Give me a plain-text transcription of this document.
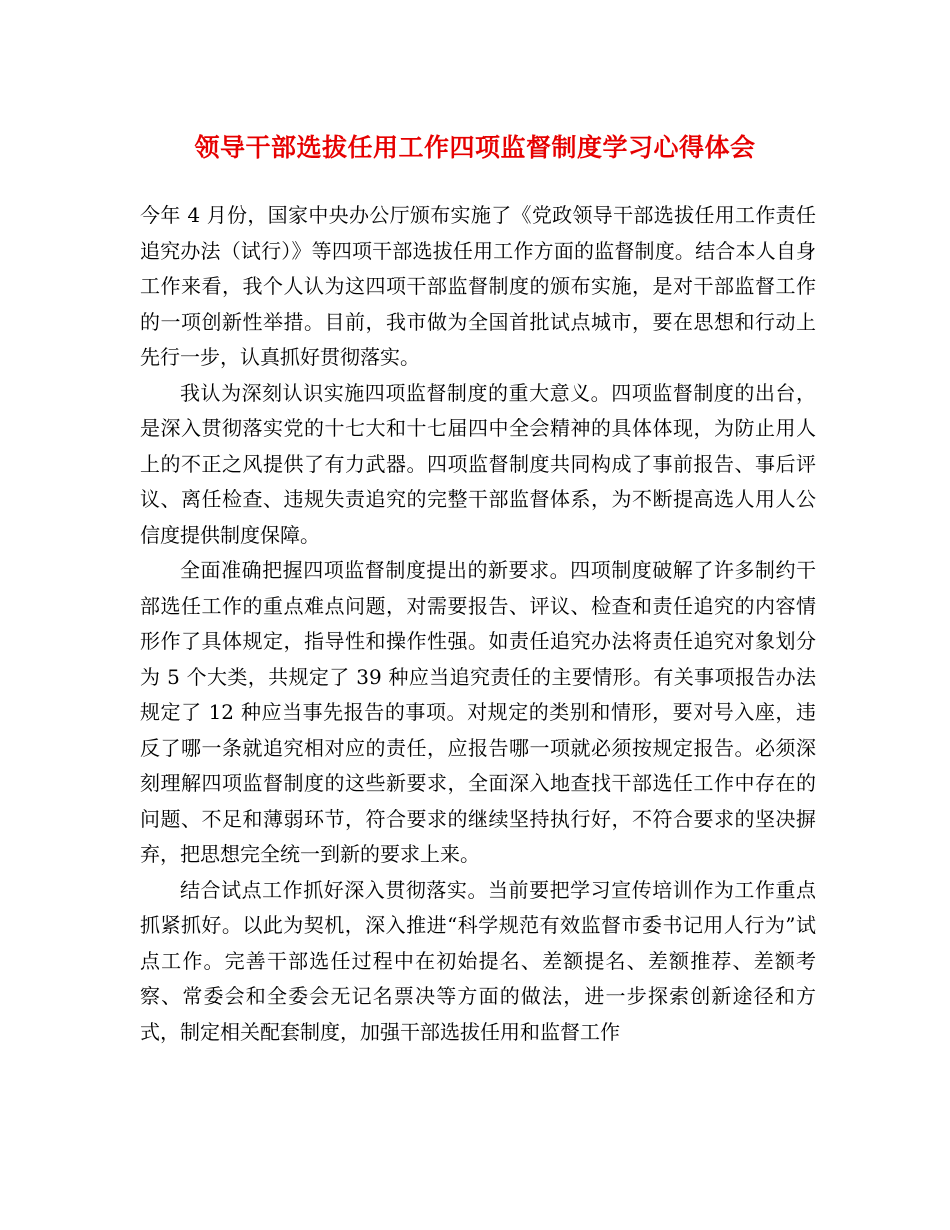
领导干部选拔任用工作四项监督制度学习心得体会

今年 4 月份，国家中央办公厅颁布实施了《党政领导干部选拔任用工作责任追究办法（试行）》等四项干部选拔任用工作方面的监督制度。结合本人自身工作来看，我个人认为这四项干部监督制度的颁布实施，是对干部监督工作的一项创新性举措。目前，我市做为全国首批试点城市，要在思想和行动上先行一步，认真抓好贯彻落实。

我认为深刻认识实施四项监督制度的重大意义。四项监督制度的出台，是深入贯彻落实党的十七大和十七届四中全会精神的具体体现，为防止用人上的不正之风提供了有力武器。四项监督制度共同构成了事前报告、事后评议、离任检查、违规失责追究的完整干部监督体系，为不断提高选人用人公信度提供制度保障。

全面准确把握四项监督制度提出的新要求。四项制度破解了许多制约干部选任工作的重点难点问题，对需要报告、评议、检查和责任追究的内容情形作了具体规定，指导性和操作性强。如责任追究办法将责任追究对象划分为 5 个大类，共规定了 39 种应当追究责任的主要情形。有关事项报告办法规定了 12 种应当事先报告的事项。对规定的类别和情形，要对号入座，违反了哪一条就追究相对应的责任，应报告哪一项就必须按规定报告。必须深刻理解四项监督制度的这些新要求，全面深入地查找干部选任工作中存在的问题、不足和薄弱环节，符合要求的继续坚持执行好，不符合要求的坚决摒弃，把思想完全统一到新的要求上来。

结合试点工作抓好深入贯彻落实。当前要把学习宣传培训作为工作重点抓紧抓好。以此为契机，深入推进“科学规范有效监督市委书记用人行为”试点工作。完善干部选任过程中在初始提名、差额提名、差额推荐、差额考察、常委会和全委会无记名票决等方面的做法，进一步探索创新途径和方式，制定相关配套制度，加强干部选拔任用和监督工作
